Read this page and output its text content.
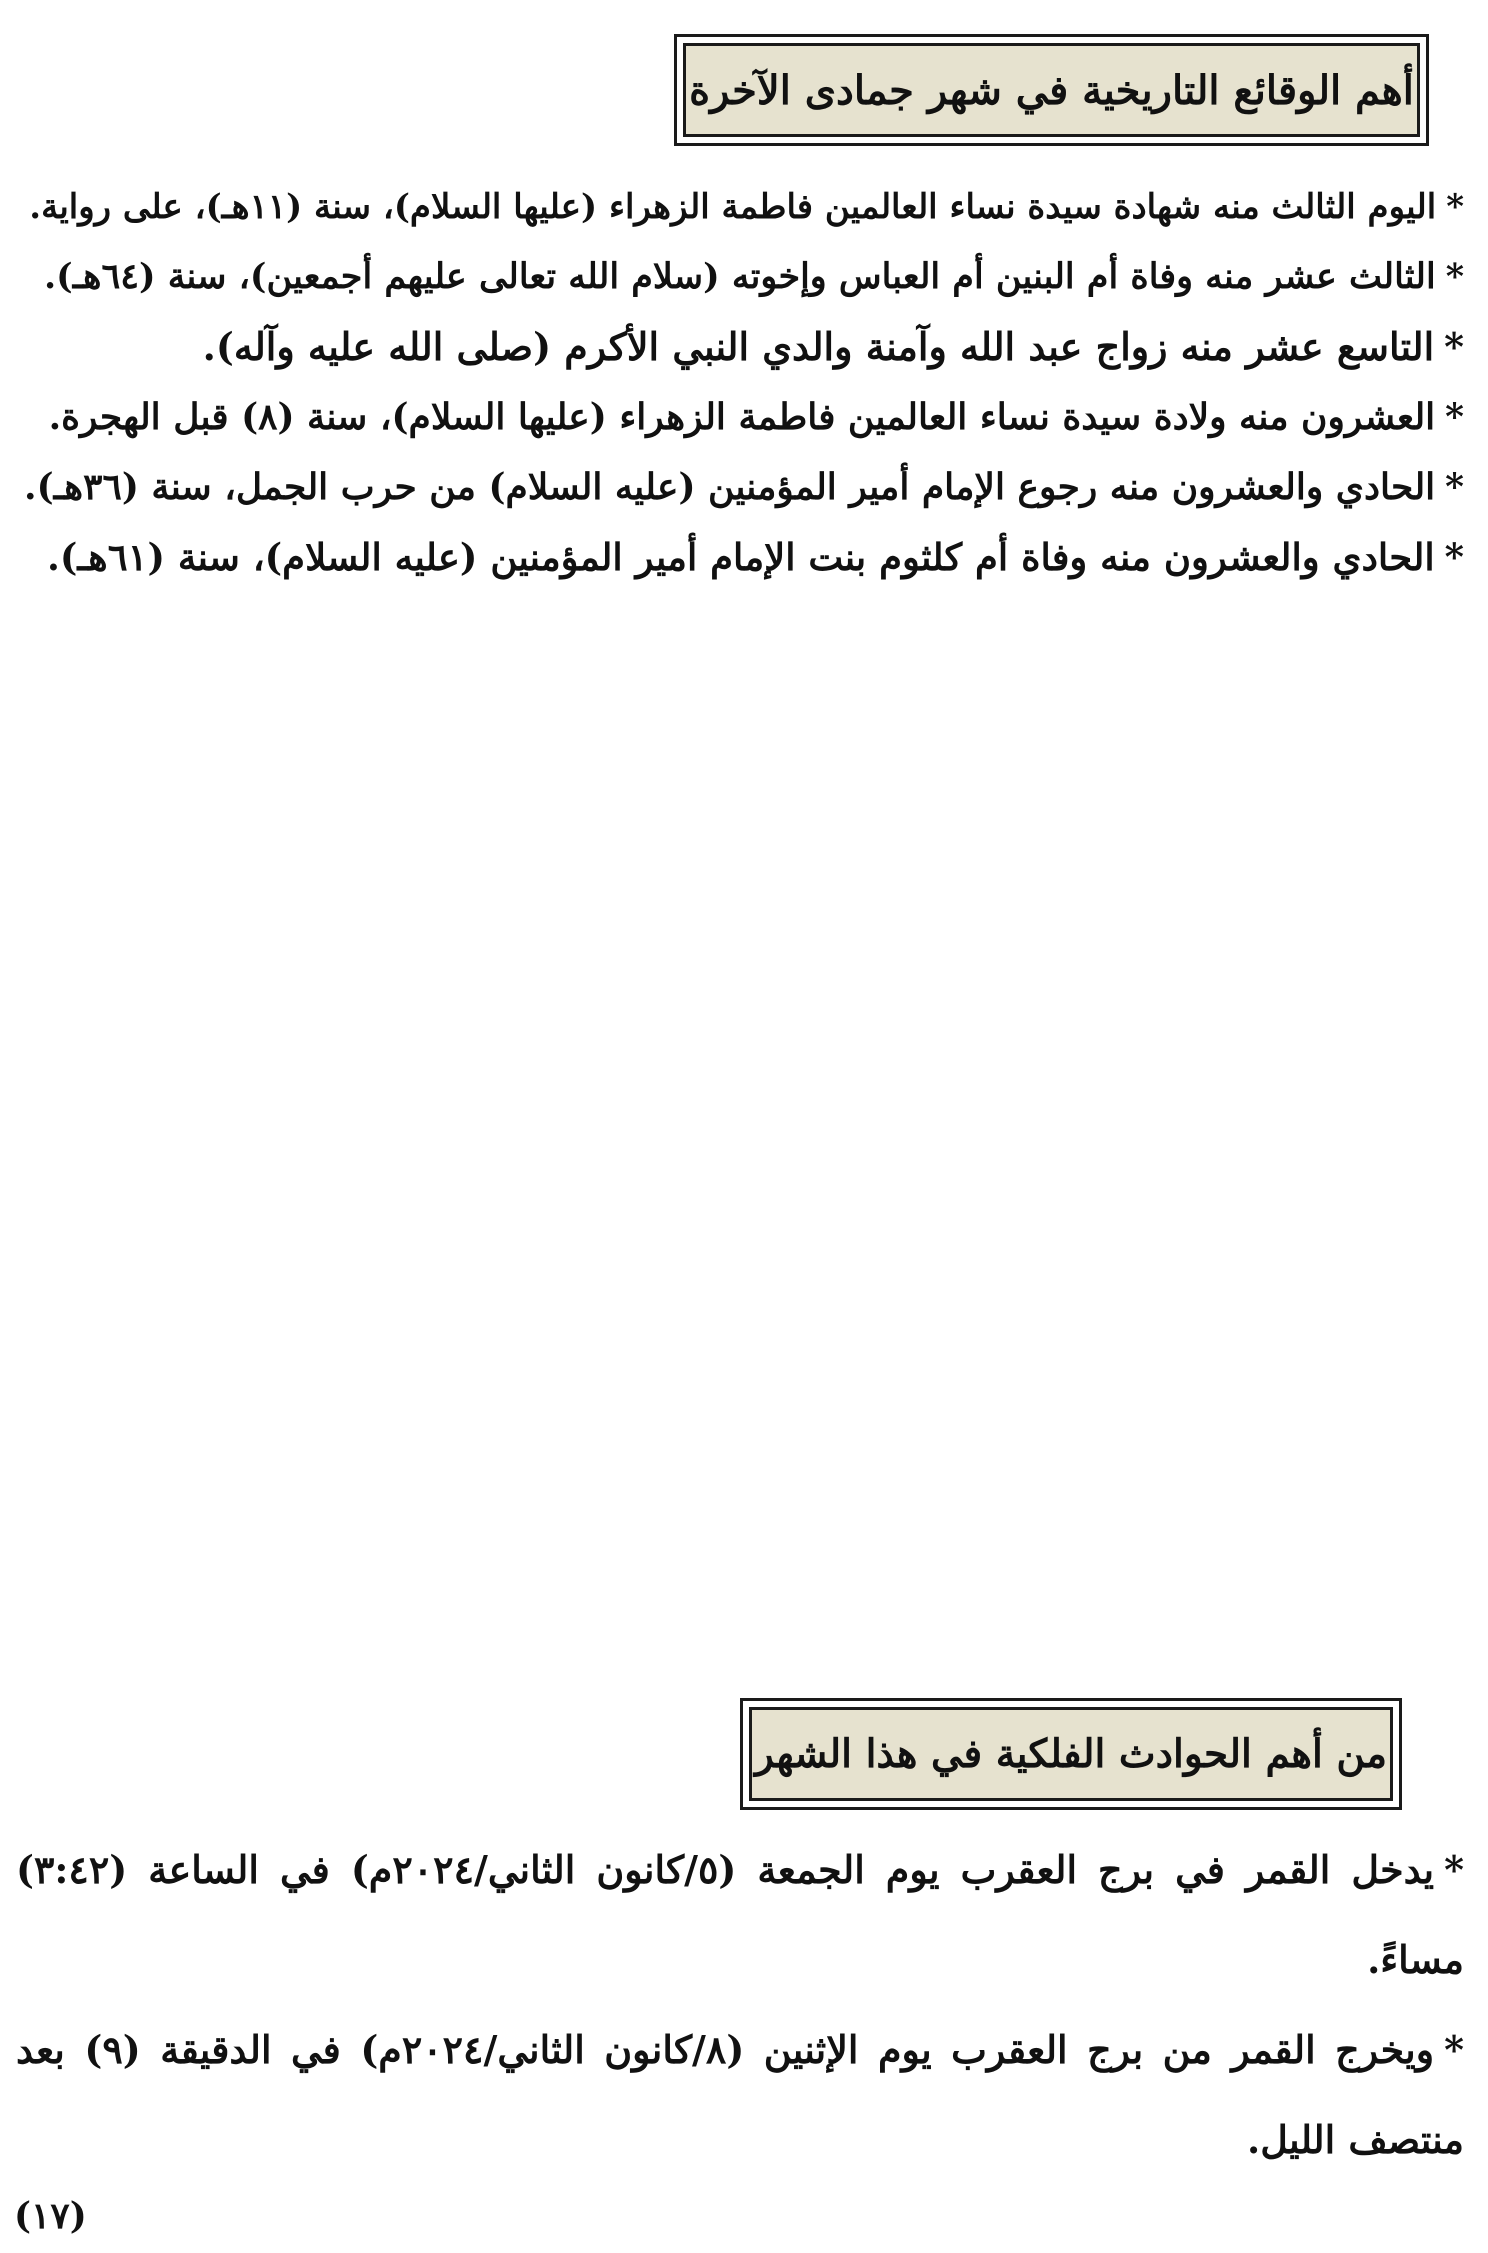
أهم الوقائع التاريخية في شهر جمادى الآخرة
*اليوم الثالث منه شهادة سيدة نساء العالمين فاطمة الزهراء (عليها السلام)، سنة (١١هـ)، على رواية.
*الثالث عشر منه وفاة أم البنين أم العباس وإخوته (سلام الله تعالى عليهم أجمعين)، سنة (٦٤هـ).
*التاسع عشر منه زواج عبد الله وآمنة والدي النبي الأكرم (صلى الله عليه وآله).
*العشرون منه ولادة سيدة نساء العالمين فاطمة الزهراء (عليها السلام)، سنة (٨) قبل الهجرة.
*الحادي والعشرون منه رجوع الإمام أمير المؤمنين (عليه السلام) من حرب الجمل، سنة (٣٦هـ).
*الحادي والعشرون منه وفاة أم كلثوم بنت الإمام أمير المؤمنين (عليه السلام)، سنة (٦١هـ).
من أهم الحوادث الفلكية في هذا الشهر
*يدخل القمر في برج العقرب يوم الجمعة (٥/كانون الثاني/٢٠٢٤م) في الساعة (٣:٤٢) مساءً.
*ويخرج القمر من برج العقرب يوم الإثنين (٨/كانون الثاني/٢٠٢٤م) في الدقيقة (٩) بعد منتصف الليل.
(١٧)
